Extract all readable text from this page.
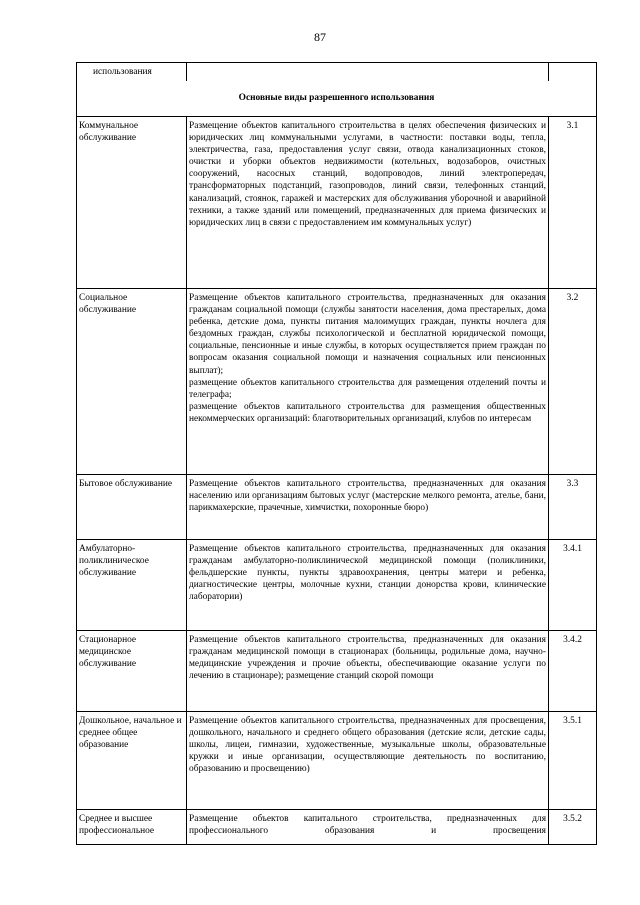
87
использования		
Основные виды разрешенного использования		
Коммунальное обслуживание	Размещение объектов капитального строительства в целях обеспечения физических и юридических лиц коммунальными услугами, в частности: поставки воды, тепла, электричества, газа, предоставления услуг связи, отвода канализационных стоков, очистки и уборки объектов недвижимости (котельных, водозаборов, очистных сооружений, насосных станций, водопроводов, линий электропередач, трансформаторных подстанций, газопроводов, линий связи, телефонных станций, канализаций, стоянок, гаражей и мастерских для обслуживания уборочной и аварийной техники, а также зданий или помещений, предназначенных для приема физических и юридических лиц в связи с предоставлением им коммунальных услуг)	3.1
Социальное обслуживание	Размещение объектов капитального строительства, предназначенных для оказания гражданам социальной помощи (службы занятости населения, дома престарелых, дома ребенка, детские дома, пункты питания малоимущих граждан, пункты ночлега для бездомных граждан, службы психологической и бесплатной юридической помощи, социальные, пенсионные и иные службы, в которых осуществляется прием граждан по вопросам оказания социальной помощи и назначения социальных или пенсионных выплат);
размещение объектов капитального строительства для размещения отделений почты и телеграфа;
размещение объектов капитального строительства для размещения общественных некоммерческих организаций: благотворительных организаций, клубов по интересам	3.2
Бытовое обслуживание	Размещение объектов капитального строительства, предназначенных для оказания населению или организациям бытовых услуг (мастерские мелкого ремонта, ателье, бани, парикмахерские, прачечные, химчистки, похоронные бюро)	3.3
Амбулаторно-поликлиническое обслуживание	Размещение объектов капитального строительства, предназначенных для оказания гражданам амбулаторно-поликлинической медицинской помощи (поликлиники, фельдшерские пункты, пункты здравоохранения, центры матери и ребенка, диагностические центры, молочные кухни, станции донорства крови, клинические лаборатории)	3.4.1
Стационарное медицинское обслуживание	Размещение объектов капитального строительства, предназначенных для оказания гражданам медицинской помощи в стационарах (больницы, родильные дома, научно-медицинские учреждения и прочие объекты, обеспечивающие оказание услуги по лечению в стационаре); размещение станций скорой помощи	3.4.2
Дошкольное, начальное и среднее общее образование	Размещение объектов капитального строительства, предназначенных для просвещения, дошкольного, начального и среднего общего образования (детские ясли, детские сады, школы, лицеи, гимназии, художественные, музыкальные школы, образовательные кружки и иные организации, осуществляющие деятельность по воспитанию, образованию и просвещению)	3.5.1
Среднее и высшее профессиональное	Размещение объектов капитального строительства, предназначенных для профессионального образования и просвещения	3.5.2
